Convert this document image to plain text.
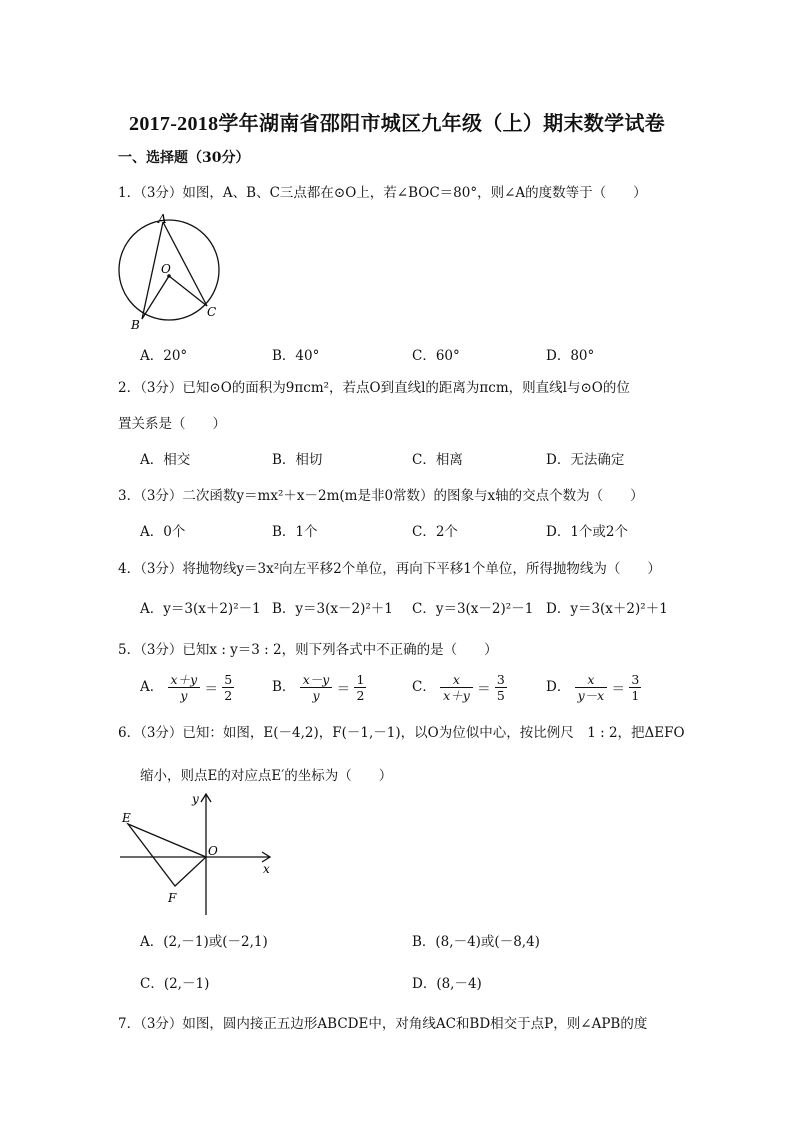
2017-2018学年湖南省邵阳市城区九年级（上）期末数学试卷
一、选择题（30分）
1．（3分）如图，A、B、C三点都在⊙O上，若∠BOC＝80°，则∠A的度数等于（　　）
A
O
B
C
A．20°	B．40°	C．60°	D．80°
2．（3分）已知⊙O的面积为9πcm²，若点O到直线l的距离为πcm，则直线l与⊙O的位
置关系是（　　）
A．相交	B．相切	C．相离	D．无法确定
3．（3分）二次函数y＝mx²＋x－2m(m是非0常数）的图象与x轴的交点个数为（　　）
A．0个	B．1个	C．2个	D．1个或2个
4．（3分）将抛物线y＝3x²向左平移2个单位，再向下平移1个单位，所得抛物线为（　　）
A．y＝3(x＋2)²－1 B．y＝3(x－2)²＋1 C．y＝3(x－2)²－1 D．y＝3(x＋2)²＋1
5．（3分）已知x : y＝3 : 2，则下列各式中不正确的是（　　）
A． $\frac{x+y}{y} = \frac{5}{2}$	B． $\frac{x-y}{y} = \frac{1}{2}$	C． $\frac{x}{x+y} = \frac{3}{5}$	D． $\frac{x}{y-x} = \frac{3}{1}$
6．（3分）已知：如图，E(－4,2)，F(－1,－1)，以O为位似中心，按比例尺　1 : 2，把ΔEFO
缩小，则点E的对应点E′的坐标为（　　）
y
E
O
x
F
A．(2,－1)或(－2,1)	B．(8,－4)或(－8,4)
C．(2,－1)	D．(8,－4)
7．（3分）如图，圆内接正五边形ABCDE中，对角线AC和BD相交于点P，则∠APB的度
